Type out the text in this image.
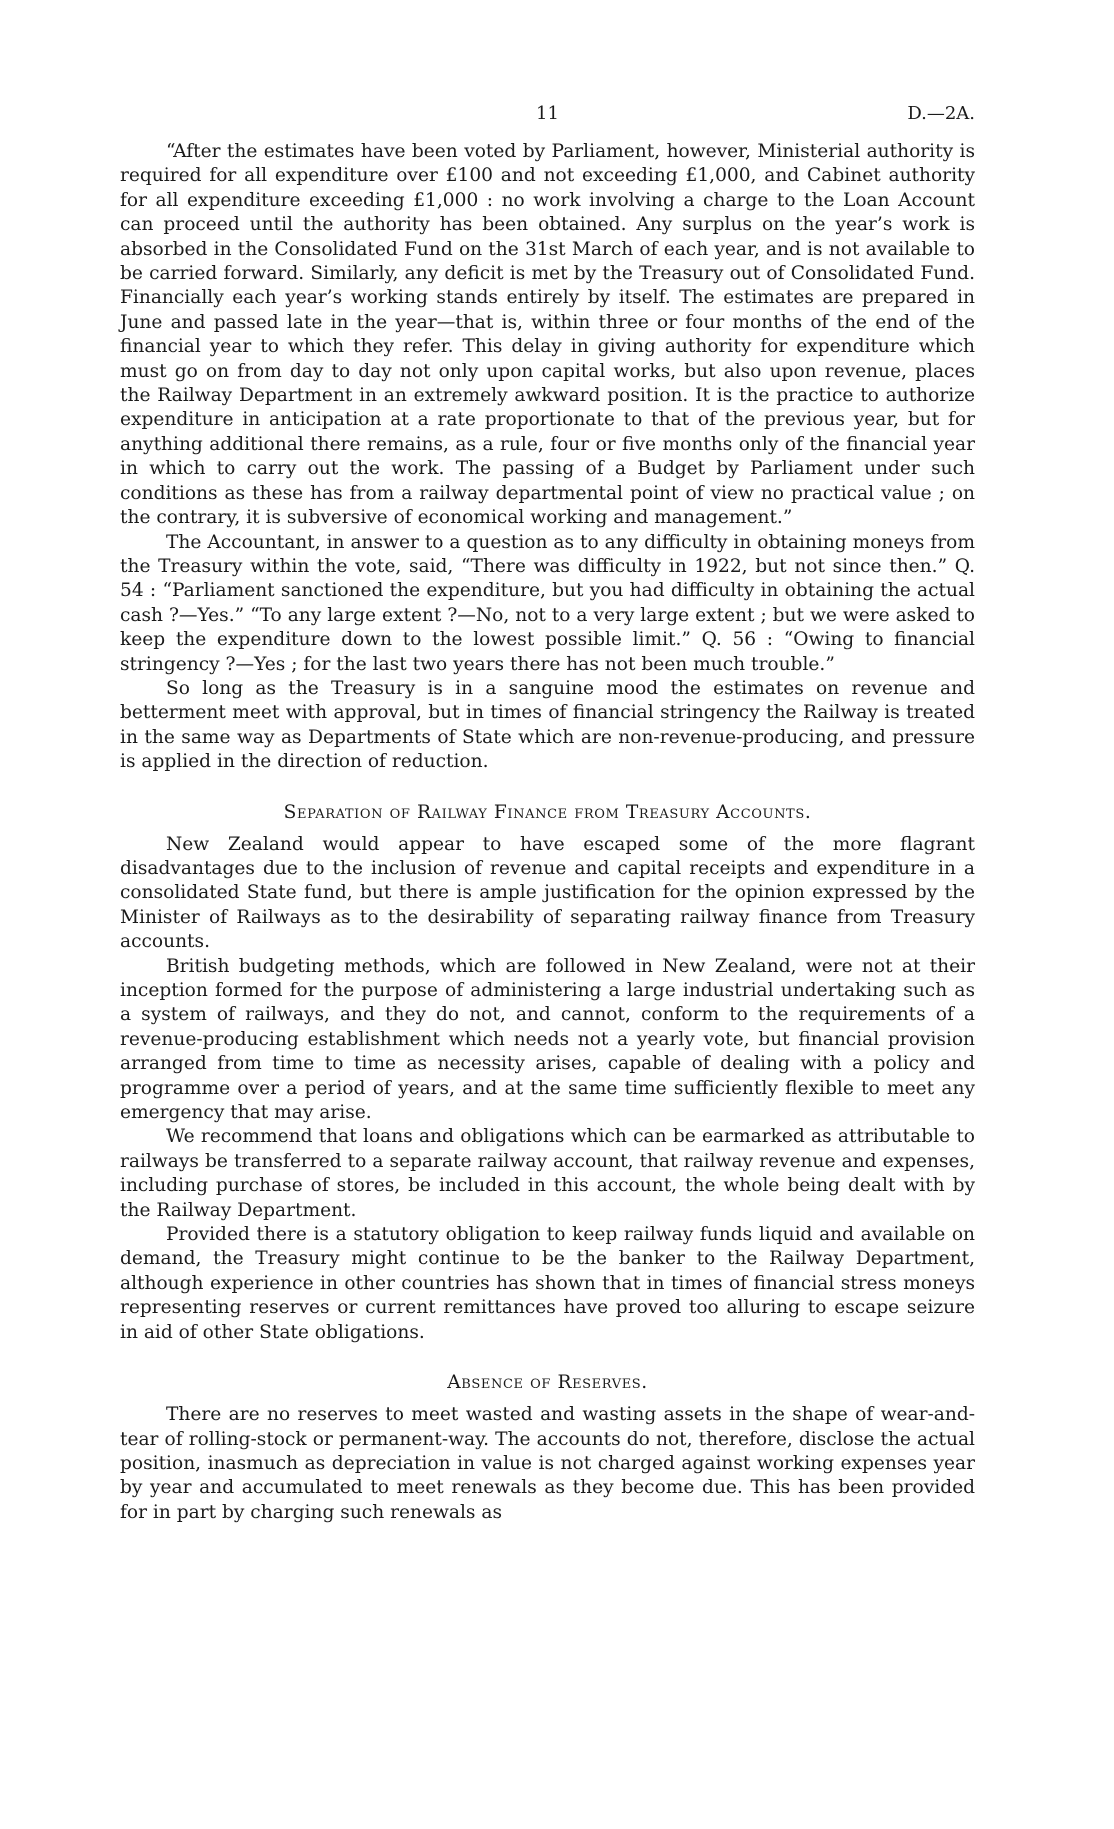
11	D.—2A.

“After the estimates have been voted by Parliament, however, Ministerial authority is required for all expenditure over £100 and not exceeding £1,000, and Cabinet authority for all expenditure exceeding £1,000 : no work involving a charge to the Loan Account can proceed until the authority has been obtained. Any surplus on the year’s work is absorbed in the Consolidated Fund on the 31st March of each year, and is not available to be carried forward. Similarly, any deficit is met by the Treasury out of Consolidated Fund. Financially each year’s working stands entirely by itself. The estimates are prepared in June and passed late in the year—that is, within three or four months of the end of the financial year to which they refer. This delay in giving authority for expenditure which must go on from day to day not only upon capital works, but also upon revenue, places the Railway Department in an extremely awkward position. It is the practice to authorize expenditure in anticipation at a rate proportionate to that of the previous year, but for anything additional there remains, as a rule, four or five months only of the financial year in which to carry out the work. The passing of a Budget by Parliament under such conditions as these has from a railway departmental point of view no practical value ; on the contrary, it is subversive of economical working and management.”

The Accountant, in answer to a question as to any difficulty in obtaining moneys from the Treasury within the vote, said, “There was difficulty in 1922, but not since then.” Q. 54 : “Parliament sanctioned the expenditure, but you had difficulty in obtaining the actual cash ?—Yes.” “To any large extent ?—No, not to a very large extent ; but we were asked to keep the expenditure down to the lowest possible limit.” Q. 56 : “Owing to financial stringency ?—Yes ; for the last two years there has not been much trouble.”

So long as the Treasury is in a sanguine mood the estimates on revenue and betterment meet with approval, but in times of financial stringency the Railway is treated in the same way as Departments of State which are non-revenue-producing, and pressure is applied in the direction of reduction.

Separation of Railway Finance from Treasury Accounts.

New Zealand would appear to have escaped some of the more flagrant disadvantages due to the inclusion of revenue and capital receipts and expenditure in a consolidated State fund, but there is ample justification for the opinion expressed by the Minister of Railways as to the desirability of separating railway finance from Treasury accounts.

British budgeting methods, which are followed in New Zealand, were not at their inception formed for the purpose of administering a large industrial undertaking such as a system of railways, and they do not, and cannot, conform to the requirements of a revenue-producing establishment which needs not a yearly vote, but financial provision arranged from time to time as necessity arises, capable of dealing with a policy and programme over a period of years, and at the same time sufficiently flexible to meet any emergency that may arise.

We recommend that loans and obligations which can be earmarked as attributable to railways be transferred to a separate railway account, that railway revenue and expenses, including purchase of stores, be included in this account, the whole being dealt with by the Railway Department.

Provided there is a statutory obligation to keep railway funds liquid and available on demand, the Treasury might continue to be the banker to the Railway Department, although experience in other countries has shown that in times of financial stress moneys representing reserves or current remittances have proved too alluring to escape seizure in aid of other State obligations.

Absence of Reserves.

There are no reserves to meet wasted and wasting assets in the shape of wear-and-tear of rolling-stock or permanent-way. The accounts do not, therefore, disclose the actual position, inasmuch as depreciation in value is not charged against working expenses year by year and accumulated to meet renewals as they become due. This has been provided for in part by charging such renewals as
